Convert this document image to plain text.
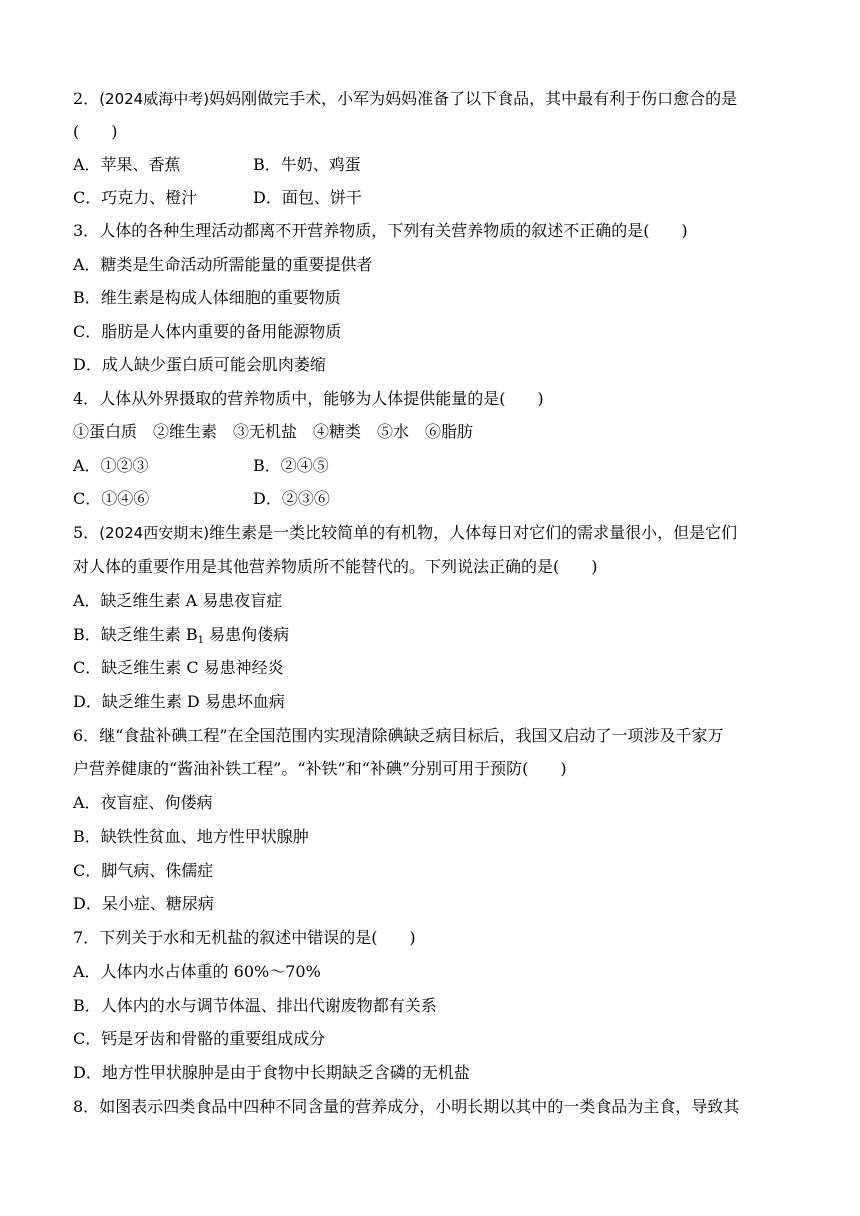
2．(2024威海中考)妈妈刚做完手术，小军为妈妈准备了以下食品，其中最有利于伤口愈合的是
(　　)
A．苹果、香蕉	B．牛奶、鸡蛋
C．巧克力、橙汁	D．面包、饼干
3．人体的各种生理活动都离不开营养物质，下列有关营养物质的叙述不正确的是(　　)
A．糖类是生命活动所需能量的重要提供者
B．维生素是构成人体细胞的重要物质
C．脂肪是人体内重要的备用能源物质
D．成人缺少蛋白质可能会肌肉萎缩
4．人体从外界摄取的营养物质中，能够为人体提供能量的是(　　)
①蛋白质　②维生素　③无机盐　④糖类　⑤水　⑥脂肪
A．①②③	B．②④⑤
C．①④⑥	D．②③⑥
5．(2024西安期末)维生素是一类比较简单的有机物，人体每日对它们的需求量很小，但是它们
对人体的重要作用是其他营养物质所不能替代的。下列说法正确的是(　　)
A．缺乏维生素 A 易患夜盲症
B．缺乏维生素 $B_1$ 易患佝偻病
C．缺乏维生素 C 易患神经炎
D．缺乏维生素 D 易患坏血病
6．继“食盐补碘工程”在全国范围内实现清除碘缺乏病目标后，我国又启动了一项涉及千家万
户营养健康的“酱油补铁工程”。“补铁”和“补碘”分别可用于预防(　　)
A．夜盲症、佝偻病
B．缺铁性贫血、地方性甲状腺肿
C．脚气病、侏儒症
D．呆小症、糖尿病
7．下列关于水和无机盐的叙述中错误的是(　　)
A．人体内水占体重的 60%～70%
B．人体内的水与调节体温、排出代谢废物都有关系
C．钙是牙齿和骨骼的重要组成成分
D．地方性甲状腺肿是由于食物中长期缺乏含磷的无机盐
8．如图表示四类食品中四种不同含量的营养成分，小明长期以其中的一类食品为主食，导致其
